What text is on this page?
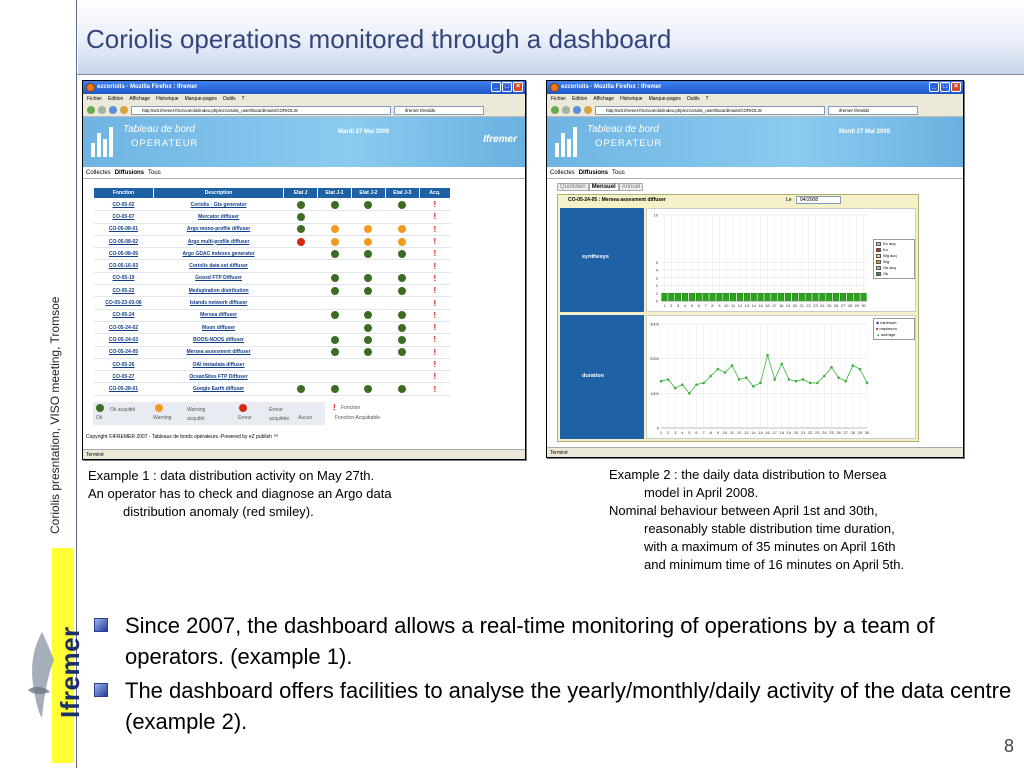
Coriolis operations monitored through a dashboard
Coriolis presntation, VISO meeting, Tromsoe
Ifremer
ezcoriolis - Mozilla Firefox : Ifremer	_ □ ×
Fichier Edition Affichage Historique Marque-pages Outils ?
http://w3.ifremer.fr/ezcoriolis/index.php/ezcoriolis_user/tboard/main/CORIOLIS	ifremer thredds
Tableau de bord
OPERATEUR
Mardi 27 Mai 2008
Ifremer
Collectes Diffusions Tous
Fonction	Description	Etat J	Etat J-1	Etat J-2	Etat J-3	Acq.
CO-05-02	Coriolis - Gts generator					!
CO-05-07	Mercator diffuser					!
CO-05-08-01	Argo mono-profile diffuser					!
CO-05-08-02	Argo multi-profile diffuser					!
CO-05-08-05	Argo GDAC indexes generator					!
CO-05-16-03	Coriolis data set diffuser					!
CO-05-19	Goosd FTP Diffuser					!
CO-05-22	Medspiration distribution					!
CO-05-23-03-06	Islands network diffuser					!
CO-05-24	Mersea diffuser					!
CO-05-24-02	Moon diffuser					!
CO-05-24-03	BOOS-NOOS diffuser					!
CO-05-24-05	Mersea assesment diffuser					!
CO-05-26	OAI metadata diffuser					!
CO-05-27	OceanSites FTP Diffuser					!
CO-05-28-01	Google Earth diffuser					!
Ok
Ok acquitté
Warning
Warning acquitté	Erreur
Erreur acquittée	Aucun
! Fonction
Fonction Acquittable
Copyright ©IFREMER 2007 - Tableaux de bords opérateurs -Powered by eZ publish ™
Terminé
ezcoriolis - Mozilla Firefox : Ifremer	_ □ ×
Fichier Edition Affichage Historique Marque-pages Outils ?
http://w3.ifremer.fr/ezcoriolis/index.php/ezcoriolis_user/tboard/main/CORIOLIS	ifremer thredds
Tableau de bord
OPERATEUR
Mardi 27 Mai 2008
Collectes Diffusions Tous
Quotidien	Mensuel	Annuel
CO-05-24-05 : Mersea assesment diffuser	Le	04/2008
synthesys
0
1
2
3
4
5
10
1 2 3 4 5 6 7 8 9 10 11 12 13 14 15 16 17 18 19 20 21 22 23 24 25 26 27 28 29 30
Ko acq
Ko
Wg acq
Wg
Ok acq
Ok
duration
0
1000
2000
3000
1 2 3 4 5 6 7 8 9 10 11 12 13 14 15 16 17 18 19 20 21 22 23 24 25 26 27 28 29 30
◆ minimum
■ maximum
▲ average
Terminé
Example 1 : data distribution activity on May 27th.
An operator has to check and diagnose an Argo data
distribution anomaly (red smiley).
Example 2 : the daily data distribution to Mersea
model in April 2008.
Nominal behaviour between April 1st and 30th,
reasonably stable distribution time duration,
with a maximum of 35 minutes on April 16th
and minimum time of 16 minutes on April 5th.
Since 2007, the dashboard allows a real-time monitoring of operations by a team of operators. (example 1).
The dashboard offers facilities to analyse the yearly/monthly/daily activity of the data centre (example 2).
8
